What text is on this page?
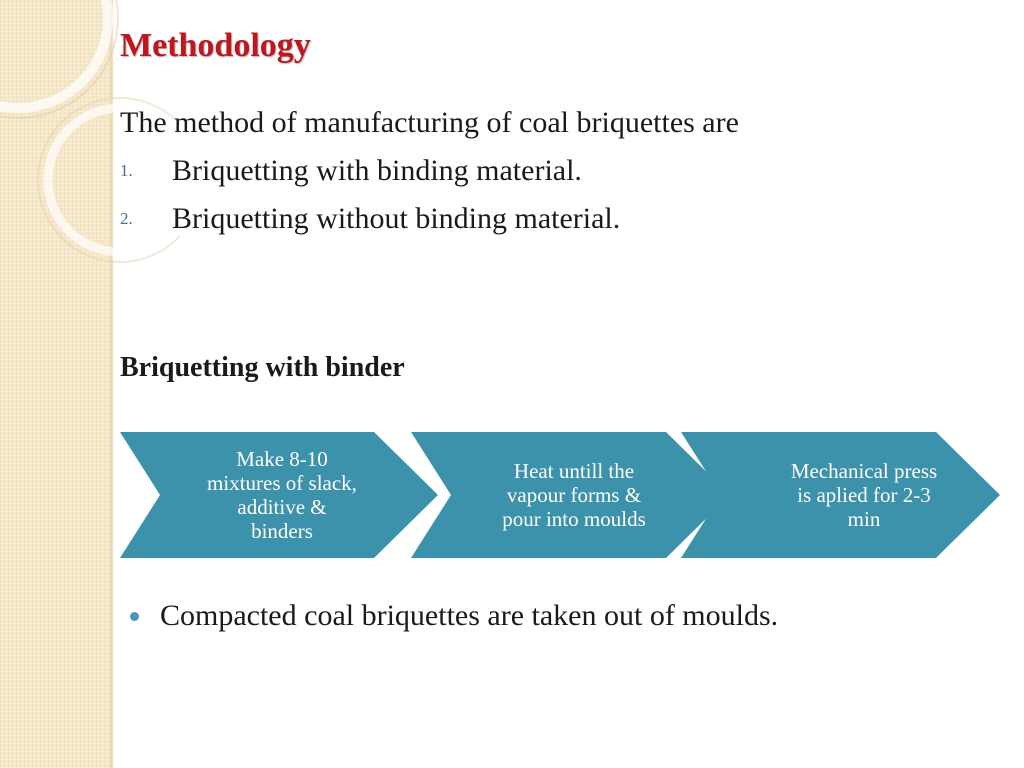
Methodology
The method of manufacturing of coal briquettes are
1. Briquetting with binding material.
2. Briquetting without binding material.
Briquetting with binder
Make 8-10
mixtures of slack,
additive &
binders
Heat untill the
vapour forms &
pour into moulds
Mechanical press
is aplied for 2-3
min
Compacted coal briquettes are taken out of moulds.
